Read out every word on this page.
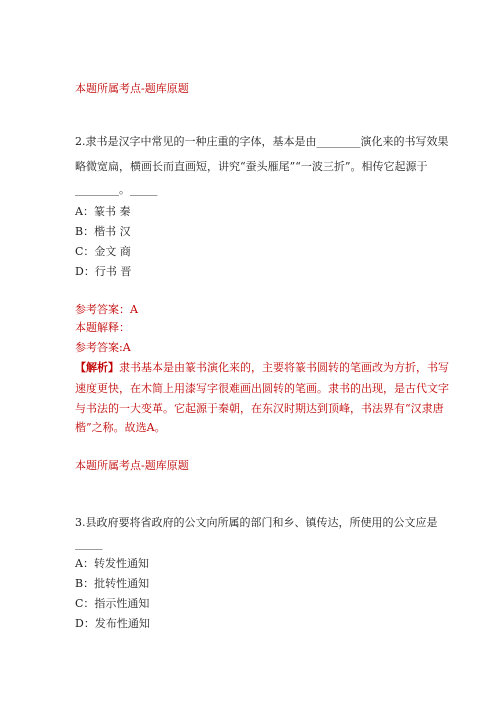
本题所属考点-题库原题
2.隶书是汉字中常见的一种庄重的字体，基本是由________演化来的书写效果
略微宽扁，横画长而直画短，讲究“蚕头雁尾”“一波三折”。相传它起源于
________。_____
A：篆书 秦
B：楷书 汉
C：金文 商
D：行书 晋
参考答案：A
本题解释：
参考答案:A
【解析】隶书基本是由篆书演化来的，主要将篆书圆转的笔画改为方折，书写
速度更快，在木简上用漆写字很难画出圆转的笔画。隶书的出现，是古代文字
与书法的一大变革。它起源于秦朝，在东汉时期达到顶峰，书法界有“汉隶唐
楷”之称。故选A。
本题所属考点-题库原题
3.县政府要将省政府的公文向所属的部门和乡、镇传达，所使用的公文应是
_____
A：转发性通知
B：批转性通知
C：指示性通知
D：发布性通知
